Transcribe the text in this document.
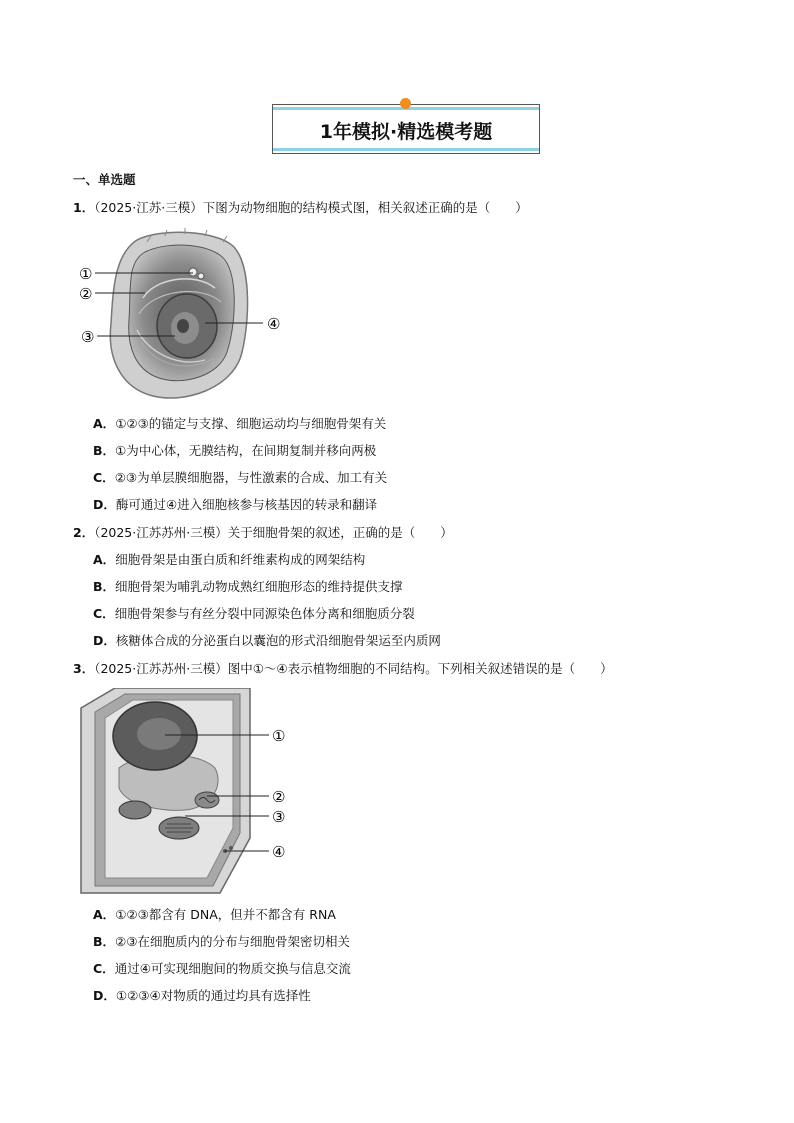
1年模拟·精选模考题
一、单选题
1．（2025·江苏·三模）下图为动物细胞的结构模式图，相关叙述正确的是（　　）
①
②
③
④
A．①②③的锚定与支撑、细胞运动均与细胞骨架有关
B．①为中心体，无膜结构，在间期复制并移向两极
C．②③为单层膜细胞器，与性激素的合成、加工有关
D．酶可通过④进入细胞核参与核基因的转录和翻译
2．（2025·江苏苏州·三模）关于细胞骨架的叙述，正确的是（　　）
A．细胞骨架是由蛋白质和纤维素构成的网架结构
B．细胞骨架为哺乳动物成熟红细胞形态的维持提供支撑
C．细胞骨架参与有丝分裂中同源染色体分离和细胞质分裂
D．核糖体合成的分泌蛋白以囊泡的形式沿细胞骨架运至内质网
3．（2025·江苏苏州·三模）图中①～④表示植物细胞的不同结构。下列相关叙述错误的是（　　）
①
②
③
④
A．①②③都含有 DNA，但并不都含有 RNA
B．②③在细胞质内的分布与细胞骨架密切相关
C．通过④可实现细胞间的物质交换与信息交流
D．①②③④对物质的通过均具有选择性
